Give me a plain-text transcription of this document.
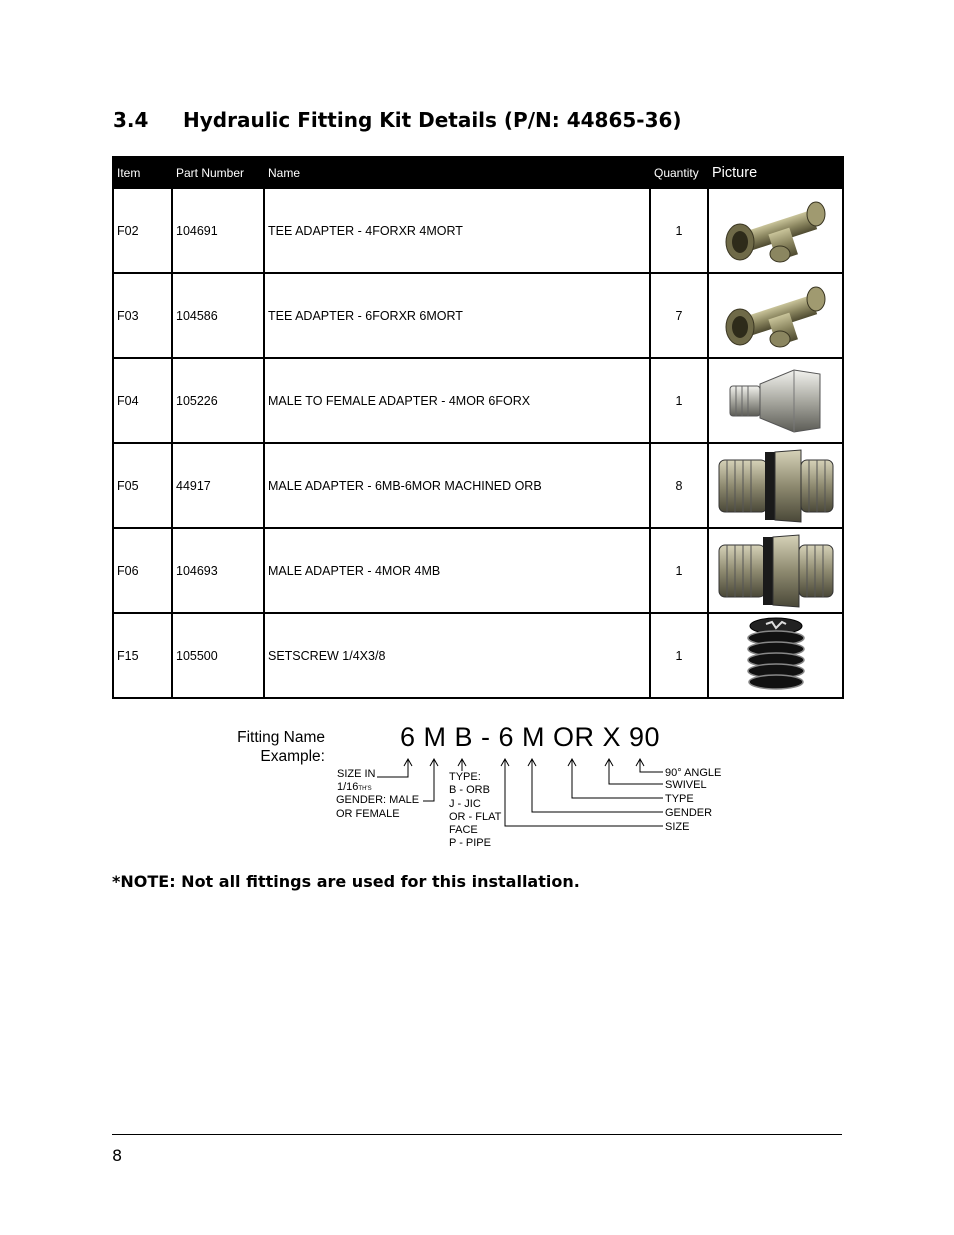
3.4 Hydraulic Fitting Kit Details (P/N: 44865-36)
Item	Part Number	Name	Quantity	Picture
F02	104691	TEE ADAPTER - 4FORXR 4MORT	1	

F03	104586	TEE ADAPTER - 6FORXR 6MORT	7	

F04	105226	MALE TO FEMALE ADAPTER - 4MOR 6FORX	1	

F05	44917	MALE ADAPTER - 6MB-6MOR MACHINED ORB	8	

F06	104693	MALE ADAPTER - 4MOR 4MB	1	

F15	105500	SETSCREW 1/4X3/8	1	
Fitting Name
Example:
6 M B - 6 M OR X 90
SIZE IN
1/16TH'S
GENDER: MALE
OR FEMALE
TYPE:
B - ORB
J - JIC
OR - FLAT
FACE
P - PIPE
90° ANGLE
SWIVEL
TYPE
GENDER
SIZE
*NOTE: Not all fittings are used for this installation.
8
